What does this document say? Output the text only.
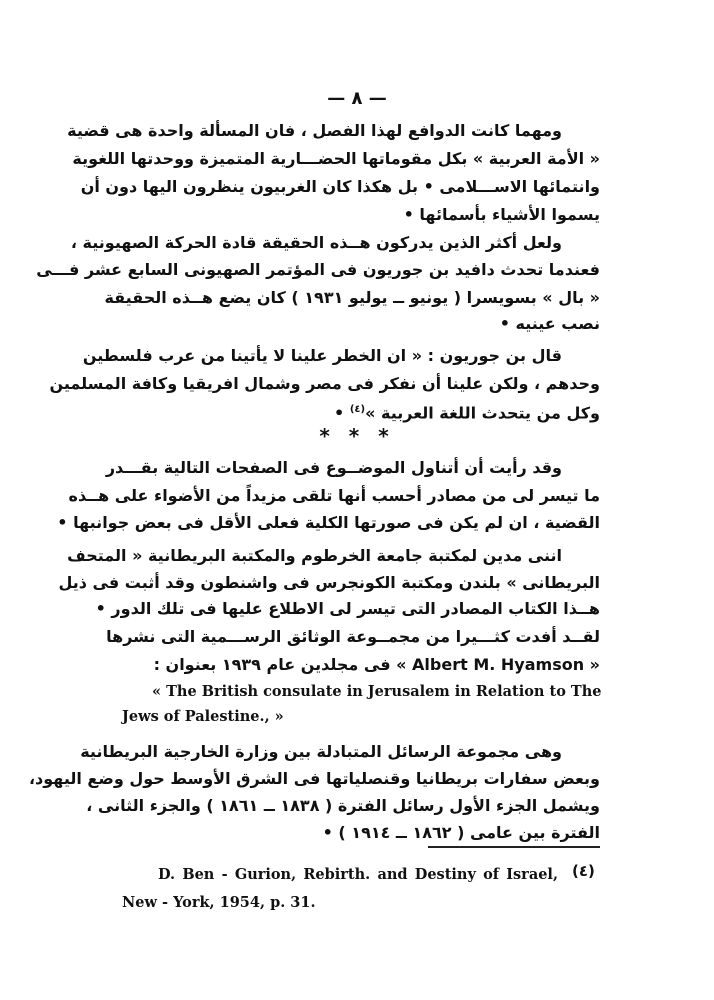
— ٨ —
ومهما كانت الدوافع لهذا الفصل ، فان المسألة واحدة هى قضية
« الأمة العربية » بكل مقوماتها الحضـــارية المتميزة ووحدتها اللغوية
وانتمائها الاســـلامى • بل هكذا كان الغربيون ينظرون اليها دون أن
يسموا الأشياء بأسمائها •
ولعل أكثر الذين يدركون هــذه الحقيقة قادة الحركة الصهيونية ،
فعندما تحدث دافيد بن جوريون فى المؤتمر الصهيونى السابع عشر فـــى
« بال » بسويسرا ( يونيو ــ يوليو ١٩٣١ ) كان يضع هــذه الحقيقة
نصب عينيه •
قال بن جوريون : « ان الخطر علينا لا يأتينا من عرب فلسطين
وحدهم ، ولكن علينا أن نفكر فى مصر وشمال افريقيا وكافة المسلمين
وكل من يتحدث اللغة العربية »$^{(٤)}$ •
* * *
وقد رأيت أن أتناول الموضــوع فى الصفحات التالية بقـــدر
ما تيسر لى من مصادر أحسب أنها تلقى مزيداً من الأضواء على هــذه
القضية ، ان لم يكن فى صورتها الكلية فعلى الأقل فى بعض جوانبها •
اننى مدين لمكتبة جامعة الخرطوم والمكتبة البريطانية « المتحف
البريطانى » بلندن ومكتبة الكونجرس فى واشنطون وقد أثبت فى ذيل
هــذا الكتاب المصادر التى تيسر لى الاطلاع عليها فى تلك الدور •
لقــد أفدت كثـــيرا من مجمــوعة الوثائق الرســـمية التى نشرها
« Albert M. Hyamson » فى مجلدين عام ١٩٣٩ بعنوان :
« The British consulate in Jerusalem in Relation to The
Jews of Palestine., »
وهى مجموعة الرسائل المتبادلة بين وزارة الخارجية البريطانية
وبعض سفارات بريطانيا وقنصلياتها فى الشرق الأوسط حول وضع اليهود،
ويشمل الجزء الأول رسائل الفترة ( ١٨٣٨ ــ ١٨٦١ ) والجزء الثانى ،
الفترة بين عامى ( ١٨٦٢ ــ ١٩١٤ ) •
D. Ben - Gurion, Rebirth. and Destiny of Israel, (٤)
New - York, 1954, p. 31.
